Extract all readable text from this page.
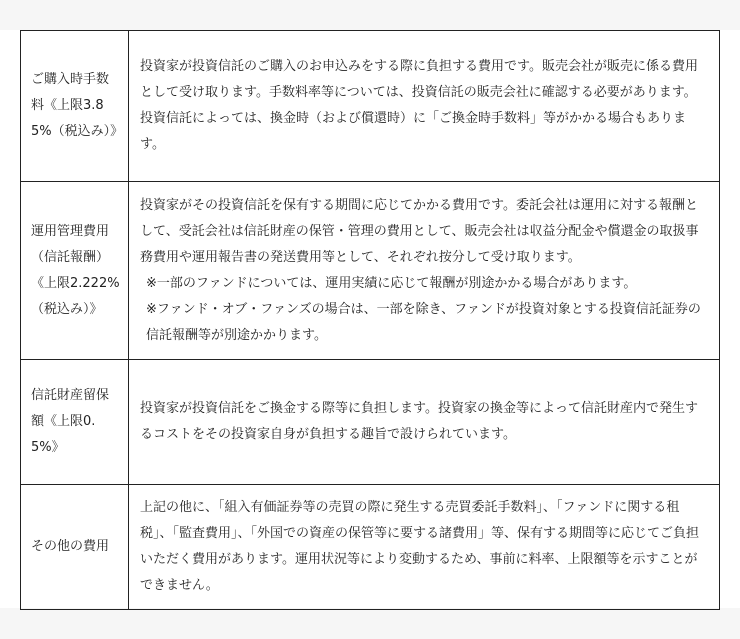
ご購入時手数料《上限3.85%（税込み）》	投資家が投資信託のご購入のお申込みをする際に負担する費用です。販売会社が販売に係る費用として受け取ります。手数料率等については、投資信託の販売会社に確認する必要があります。投資信託によっては、換金時（および償還時）に「ご換金時手数料」等がかかる場合もあります。
運用管理費用（信託報酬）《上限2.222%（税込み）》	投資家がその投資信託を保有する期間に応じてかかる費用です。委託会社は運用に対する報酬として、受託会社は信託財産の保管・管理の費用として、販売会社は収益分配金や償還金の取扱事務費用や運用報告書の発送費用等として、それぞれ按分して受け取ります。
※一部のファンドについては、運用実績に応じて報酬が別途かかる場合があります。
※ファンド・オブ・ファンズの場合は、一部を除き、ファンドが投資対象とする投資信託証券の信託報酬等が別途かかります。

信託財産留保額《上限0.5%》	投資家が投資信託をご換金する際等に負担します。投資家の換金等によって信託財産内で発生するコストをその投資家自身が負担する趣旨で設けられています。
その他の費用	上記の他に、「組入有価証券等の売買の際に発生する売買委託手数料」、「ファンドに関する租税」、「監査費用」、「外国での資産の保管等に要する諸費用」等、保有する期間等に応じてご負担いただく費用があります。運用状況等により変動するため、事前に料率、上限額等を示すことができません。
